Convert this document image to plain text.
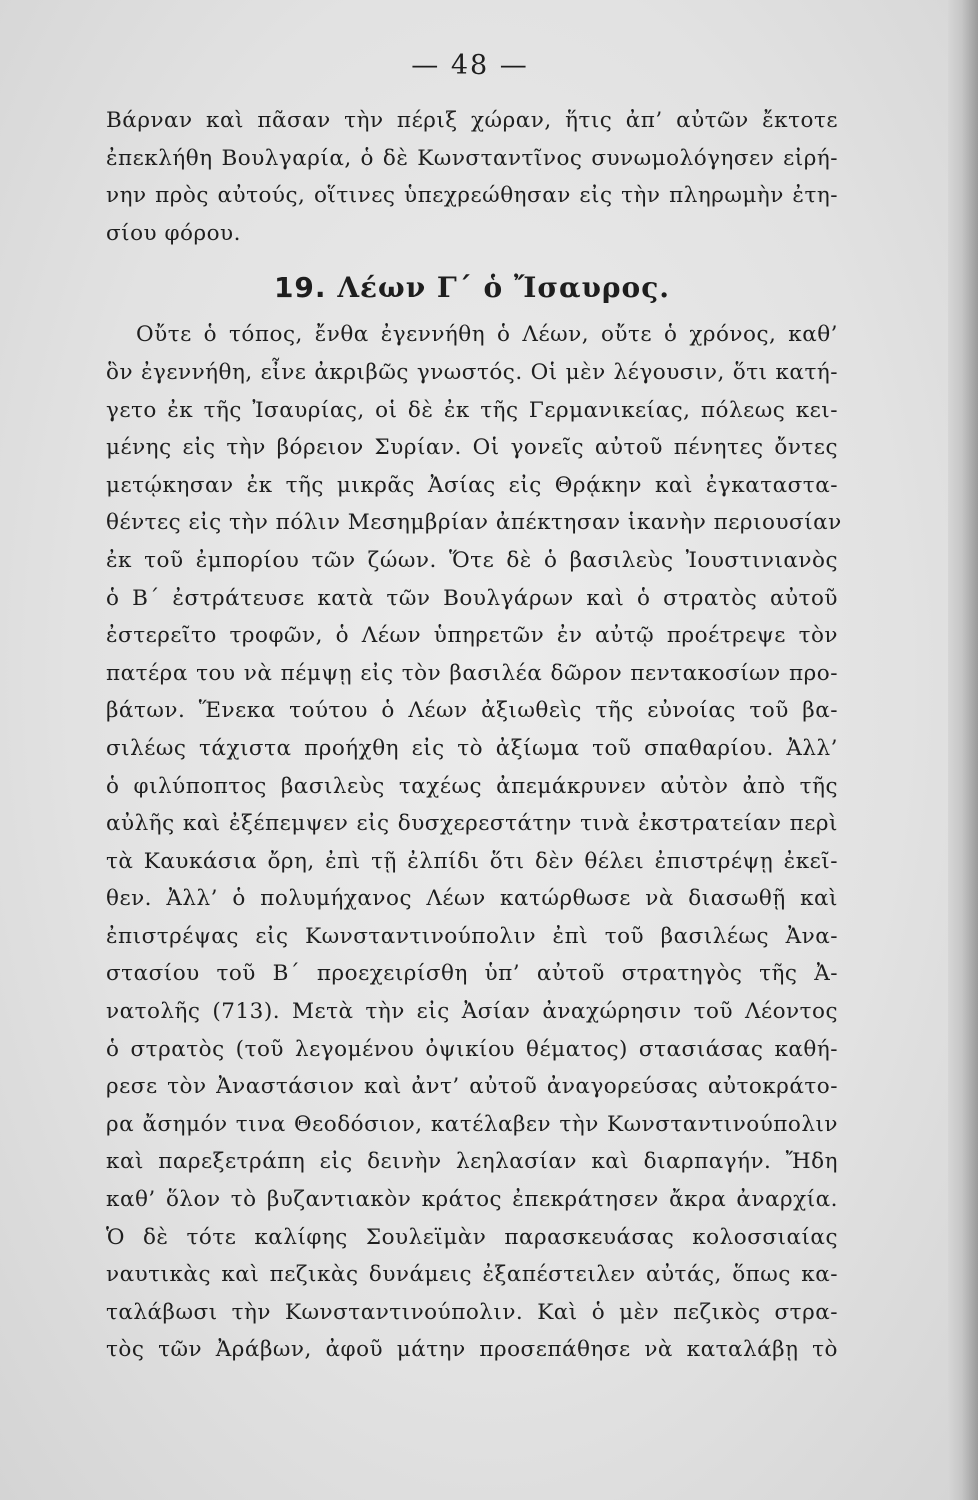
— 48 —
Βάρναν καὶ πᾶσαν τὴν πέριξ χώραν, ἥτις ἀπ’ αὐτῶν ἔκτοτε
ἐπεκλήθη Βουλγαρία, ὁ δὲ Κωνσταντῖνος συνωμολόγησεν εἰρή-
νην πρὸς αὐτούς, οἵτινες ὑπεχρεώθησαν εἰς τὴν πληρωμὴν ἐτη-
σίου φόρου.
19. Λέων Γ΄ ὁ Ἴσαυρος.
Οὔτε ὁ τόπος, ἔνθα ἐγεννήθη ὁ Λέων, οὔτε ὁ χρόνος, καθ’
ὃν ἐγεννήθη, εἶνε ἀκριβῶς γνωστός. Οἱ μὲν λέγουσιν, ὅτι κατή-
γετο ἐκ τῆς Ἰσαυρίας, οἱ δὲ ἐκ τῆς Γερμανικείας, πόλεως κει-
μένης εἰς τὴν βόρειον Συρίαν. Οἱ γονεῖς αὐτοῦ πένητες ὄντες
μετῴκησαν ἐκ τῆς μικρᾶς Ἀσίας εἰς Θρᾴκην καὶ ἐγκαταστα-
θέντες εἰς τὴν πόλιν Μεσημβρίαν ἀπέκτησαν ἱκανὴν περιουσίαν
ἐκ τοῦ ἐμπορίου τῶν ζώων. Ὅτε δὲ ὁ βασιλεὺς Ἰουστινιανὸς
ὁ Β΄ ἐστράτευσε κατὰ τῶν Βουλγάρων καὶ ὁ στρατὸς αὐτοῦ
ἐστερεῖτο τροφῶν, ὁ Λέων ὑπηρετῶν ἐν αὐτῷ προέτρεψε τὸν
πατέρα του νὰ πέμψῃ εἰς τὸν βασιλέα δῶρον πεντακοσίων προ-
βάτων. Ἕνεκα τούτου ὁ Λέων ἀξιωθεὶς τῆς εὐνοίας τοῦ βα-
σιλέως τάχιστα προήχθη εἰς τὸ ἀξίωμα τοῦ σπαθαρίου. Ἀλλ’
ὁ φιλύποπτος βασιλεὺς ταχέως ἀπεμάκρυνεν αὐτὸν ἀπὸ τῆς
αὐλῆς καὶ ἐξέπεμψεν εἰς δυσχερεστάτην τινὰ ἐκστρατείαν περὶ
τὰ Καυκάσια ὄρη, ἐπὶ τῇ ἐλπίδι ὅτι δὲν θέλει ἐπιστρέψῃ ἐκεῖ-
θεν. Ἀλλ’ ὁ πολυμήχανος Λέων κατώρθωσε νὰ διασωθῇ καὶ
ἐπιστρέψας εἰς Κωνσταντινούπολιν ἐπὶ τοῦ βασιλέως Ἀνα-
στασίου τοῦ Β΄ προεχειρίσθη ὑπ’ αὐτοῦ στρατηγὸς τῆς Ἀ-
νατολῆς (713). Μετὰ τὴν εἰς Ἀσίαν ἀναχώρησιν τοῦ Λέοντος
ὁ στρατὸς (τοῦ λεγομένου ὀψικίου θέματος) στασιάσας καθή-
ρεσε τὸν Ἀναστάσιον καὶ ἀντ’ αὐτοῦ ἀναγορεύσας αὐτοκράτο-
ρα ἄσημόν τινα Θεοδόσιον, κατέλαβεν τὴν Κωνσταντινούπολιν
καὶ παρεξετράπη εἰς δεινὴν λεηλασίαν καὶ διαρπαγήν. Ἤδη
καθ’ ὅλον τὸ βυζαντιακὸν κράτος ἐπεκράτησεν ἄκρα ἀναρχία.
Ὁ δὲ τότε καλίφης Σουλεϊμὰν παρασκευάσας κολοσσιαίας
ναυτικὰς καὶ πεζικὰς δυνάμεις ἐξαπέστειλεν αὐτάς, ὅπως κα-
ταλάβωσι τὴν Κωνσταντινούπολιν. Καὶ ὁ μὲν πεζικὸς στρα-
τὸς τῶν Ἀράβων, ἀφοῦ μάτην προσεπάθησε νὰ καταλάβῃ τὸ
